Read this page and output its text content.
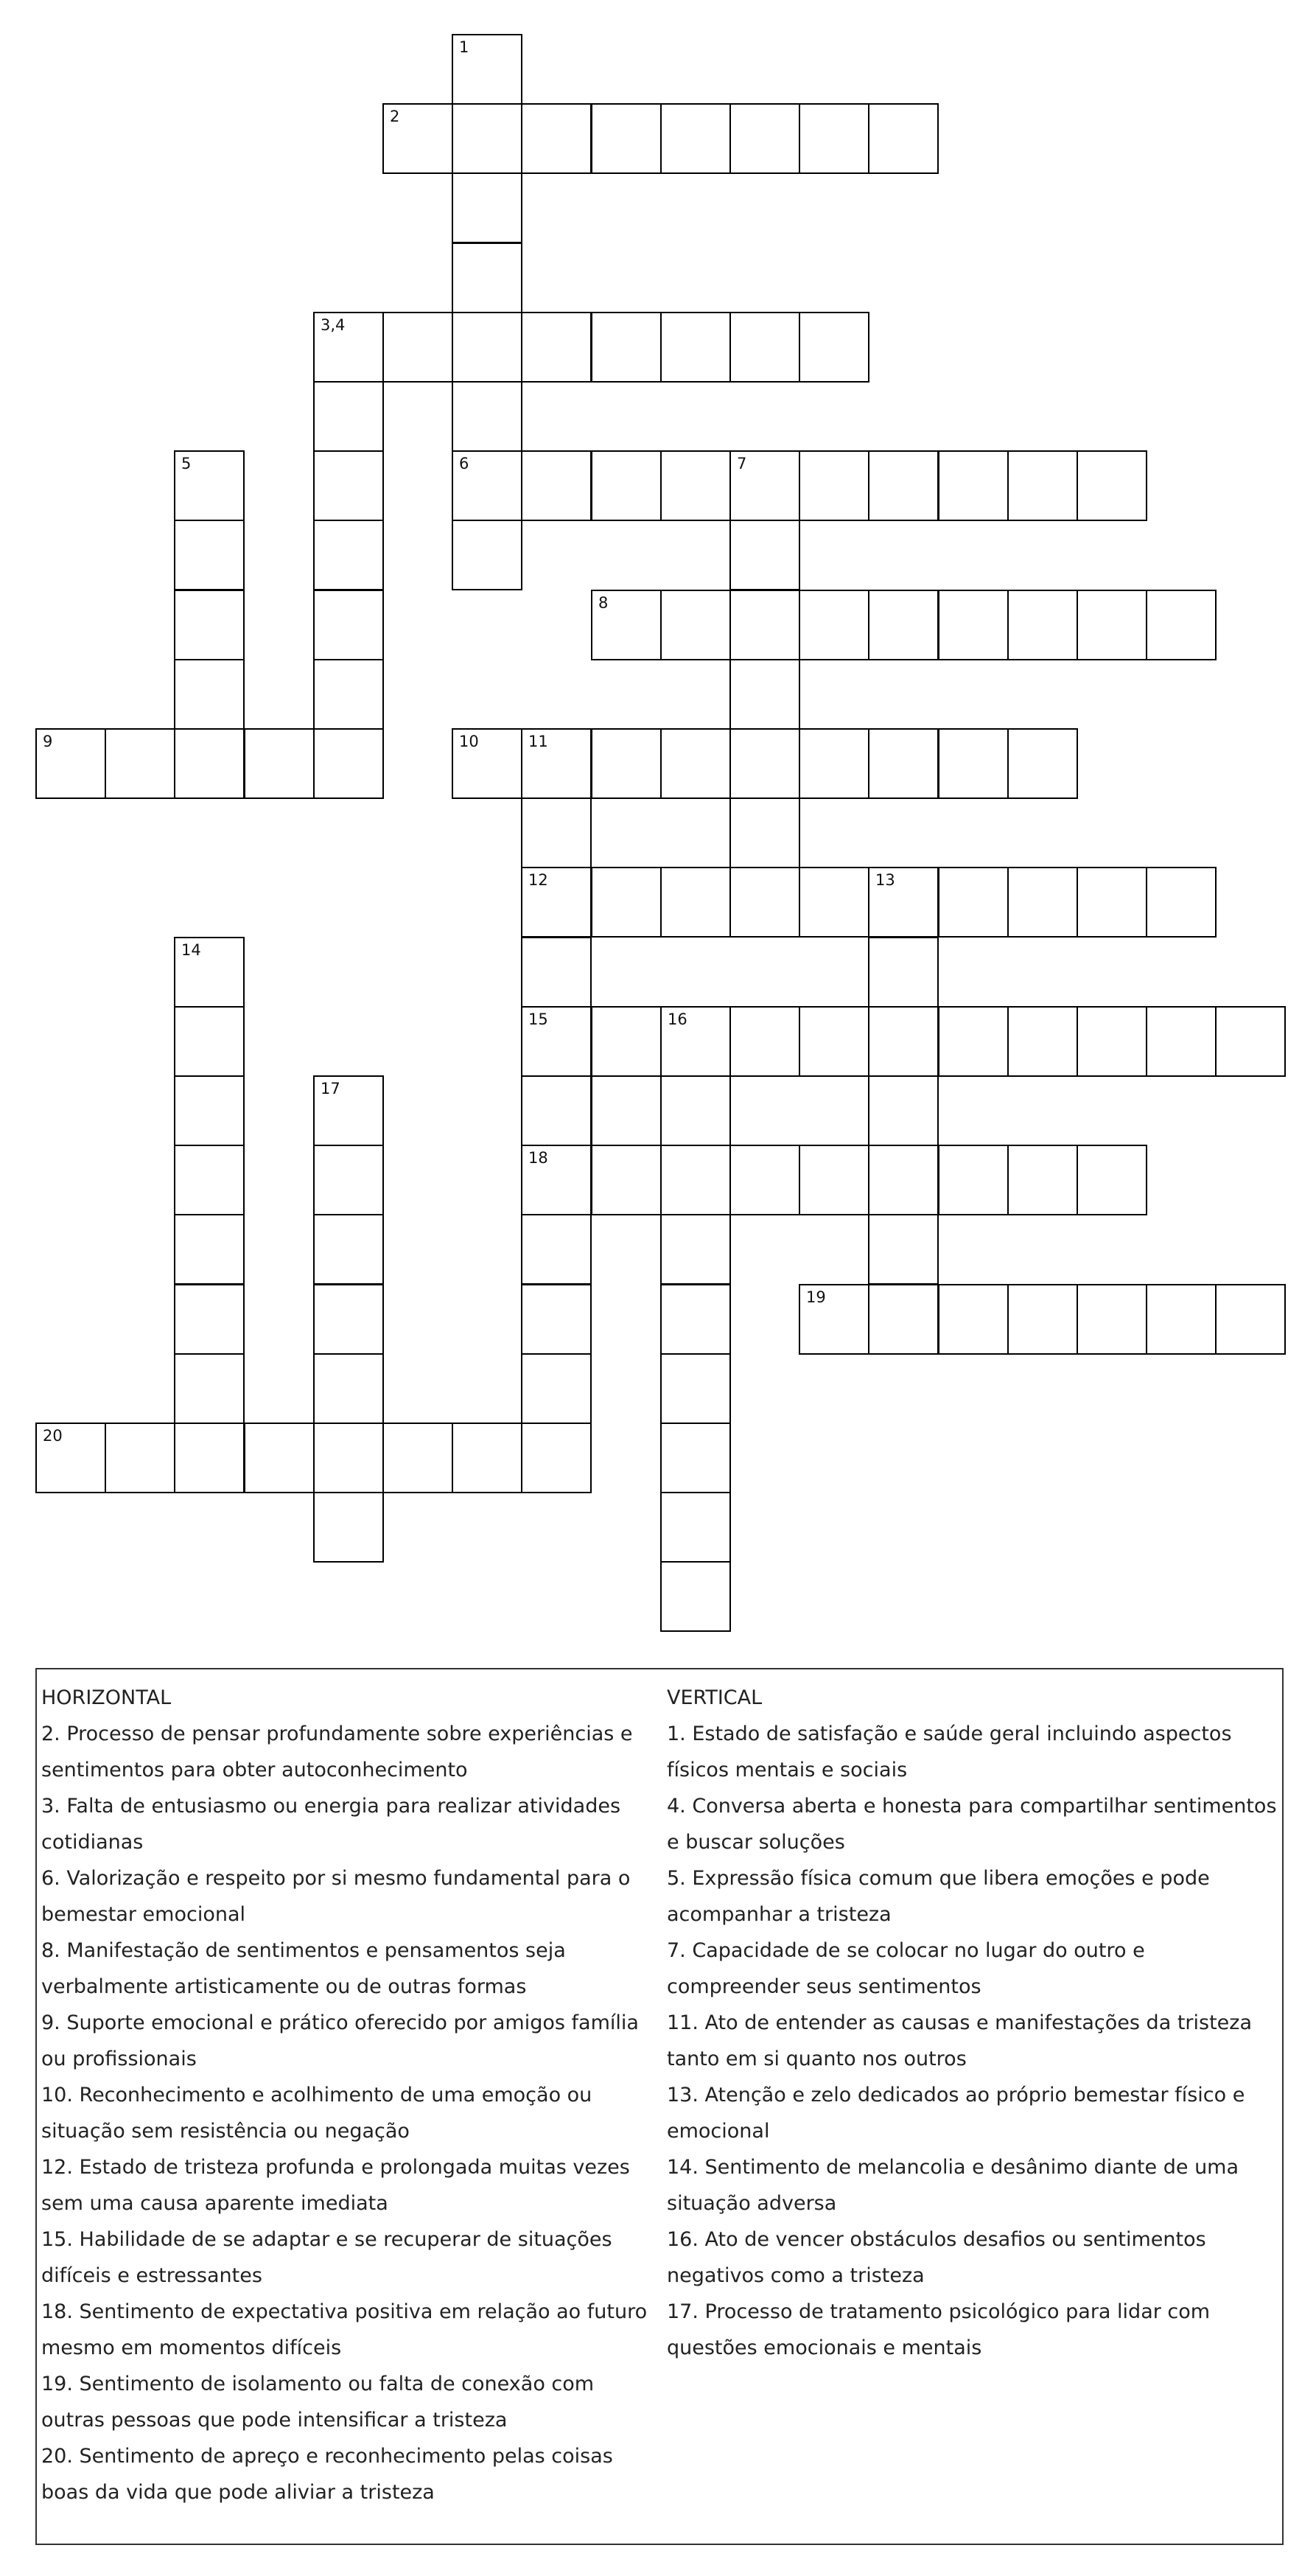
1
2
3,4
5	6	7
8
9	10	11
12	13
14
15	16
17
18
19
20

HORIZONTAL

2. Processo de pensar profundamente sobre experiências e sentimentos para obter autoconhecimento

3. Falta de entusiasmo ou energia para realizar atividades cotidianas

6. Valorização e respeito por si mesmo fundamental para o bemestar emocional

8. Manifestação de sentimentos e pensamentos seja verbalmente artisticamente ou de outras formas

9. Suporte emocional e prático oferecido por amigos família ou profissionais

10. Reconhecimento e acolhimento de uma emoção ou situação sem resistência ou negação

12. Estado de tristeza profunda e prolongada muitas vezes sem uma causa aparente imediata

15. Habilidade de se adaptar e se recuperar de situações difíceis e estressantes

18. Sentimento de expectativa positiva em relação ao futuro mesmo em momentos difíceis

19. Sentimento de isolamento ou falta de conexão com outras pessoas que pode intensificar a tristeza

20. Sentimento de apreço e reconhecimento pelas coisas boas da vida que pode aliviar a tristeza

VERTICAL

1. Estado de satisfação e saúde geral incluindo aspectos físicos mentais e sociais

4. Conversa aberta e honesta para compartilhar sentimentos e buscar soluções

5. Expressão física comum que libera emoções e pode acompanhar a tristeza

7. Capacidade de se colocar no lugar do outro e compreender seus sentimentos

11. Ato de entender as causas e manifestações da tristeza tanto em si quanto nos outros

13. Atenção e zelo dedicados ao próprio bemestar físico e emocional

14. Sentimento de melancolia e desânimo diante de uma situação adversa

16. Ato de vencer obstáculos desafios ou sentimentos negativos como a tristeza

17. Processo de tratamento psicológico para lidar com questões emocionais e mentais
